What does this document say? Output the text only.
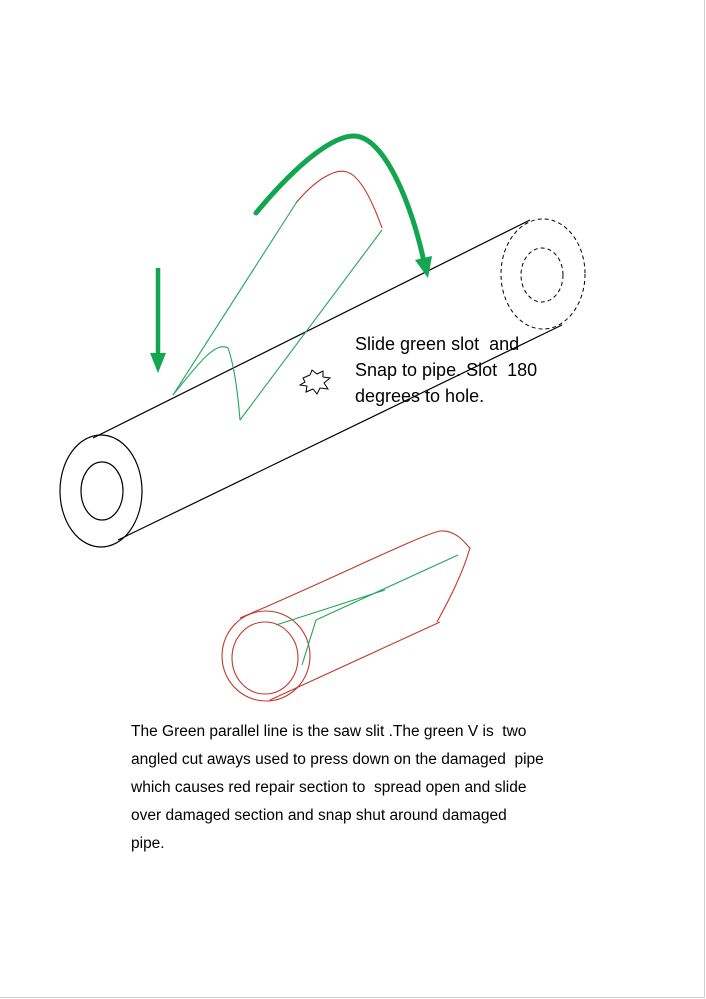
Slide green slot  and
Snap to pipe. Slot  180
degrees to hole.
The Green parallel line is the saw slit .The green V is  two
angled cut aways used to press down on the damaged  pipe
which causes red repair section to  spread open and slide
over damaged section and snap shut around damaged
pipe.
